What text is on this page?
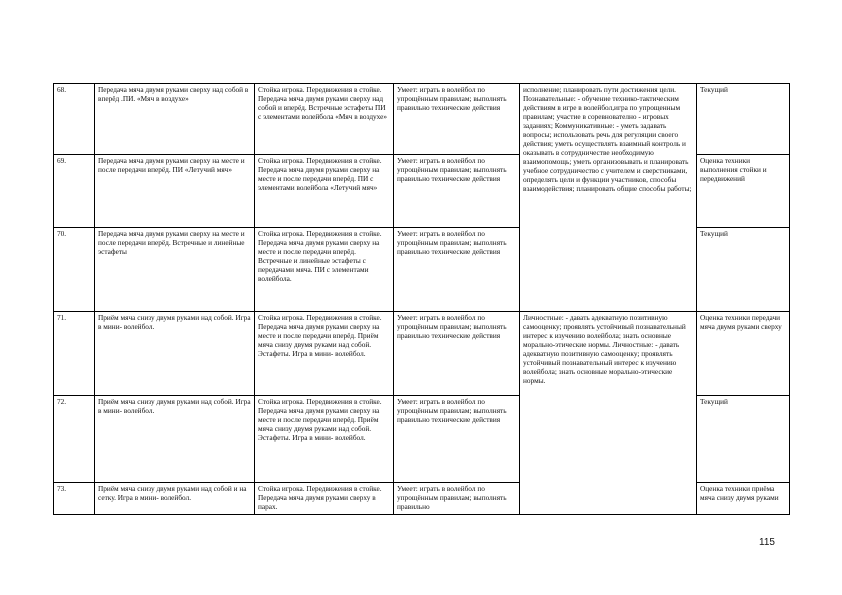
68.	Передача мяча двумя руками сверху над собой в вперёд .ПИ. «Мяч в воздухе»	Стойка игрока. Передвижения в стойке. Передача мяча двумя руками сверху над собой и вперёд. Встречные эстафеты ПИ с элементами волейбола «Мяч в воздухе»	Умеет: играть в волейбол по упрощённым правилам; выполнять правильно технические действия	исполнение; планировать пути достижения цели. Познавательные: - обучение технико-тактическим действиям в игре в волейбол,игра по упрощенным правилам; участие в соревнователно - игровых заданиях; Коммуникативные: - уметь задавать вопросы; использовать речь для регуляции своего действия; уметь осуществлять взаимный контроль и оказывать в сотрудничестве необходимую взаимопомощь; уметь организовывать и планировать учебное сотрудничество с учителем и сверстниками, определять цели и функции участников, способы взаимодействия; планировать общие способы работы;	Текущий
69.	Передача мяча двумя руками сверху на месте и после передачи вперёд. ПИ «Летучий мяч»	Стойка игрока. Передвижения в стойке. Передача мяча двумя руками сверху на месте и после передачи вперёд. ПИ с элементами волейбола «Летучий мяч»	Умеет: играть в волейбол по упрощённым правилам; выполнять правильно технические действия		Оценка техники выполнения стойки и передвижений
70.	Передача мяча двумя руками сверху на месте и после передачи вперёд. Встречные и линейные эстафеты	Стойка игрока. Передвижения в стойке. Передача мяча двумя руками сверху на месте и после передачи вперёд. Встречные и линейные эстафеты с передачами мяча. ПИ с элементами волейбола.	Умеет: играть в волейбол по упрощённым правилам; выполнять правильно технические действия		Текущий
71.	Приём мяча снизу двумя руками над собой. Игра в мини- волейбол.	Стойка игрока. Передвижения в стойке. Передача мяча двумя руками сверху на месте и после передачи вперёд. Приём мяча снизу двумя руками над собой. Эстафеты. Игра в мини- волейбол.	Умеет: играть в волейбол по упрощённым правилам; выполнять правильно технические действия	Личностные: - давать адекватную позитивную самооценку; проявлять устойчивый познавательный интерес к изучению волейбола; знать основные морально-этические нормы. Личностные: - давать адекватную позитивную самооценку; проявлять устойчивый познавательный интерес к изучению волейбола; знать основные морально-этические нормы.	Оценка техники передачи мяча двумя руками сверху
72.	Приём мяча снизу двумя руками над собой. Игра в мини- волейбол.	Стойка игрока. Передвижения в стойке. Передача мяча двумя руками сверху на месте и после передачи вперёд. Приём мяча снизу двумя руками над собой. Эстафеты. Игра в мини- волейбол.	Умеет: играть в волейбол по упрощённым правилам; выполнять правильно технические действия		Текущий
73.	Приём мяча снизу двумя руками над собой и на сетку. Игра в мини- волейбол.	Стойка игрока. Передвижения в стойке. Передача мяча двумя руками сверху в парах.	Умеет: играть в волейбол по упрощённым правилам; выполнять правильно		Оценка техники приёма мяча снизу двумя руками
115
